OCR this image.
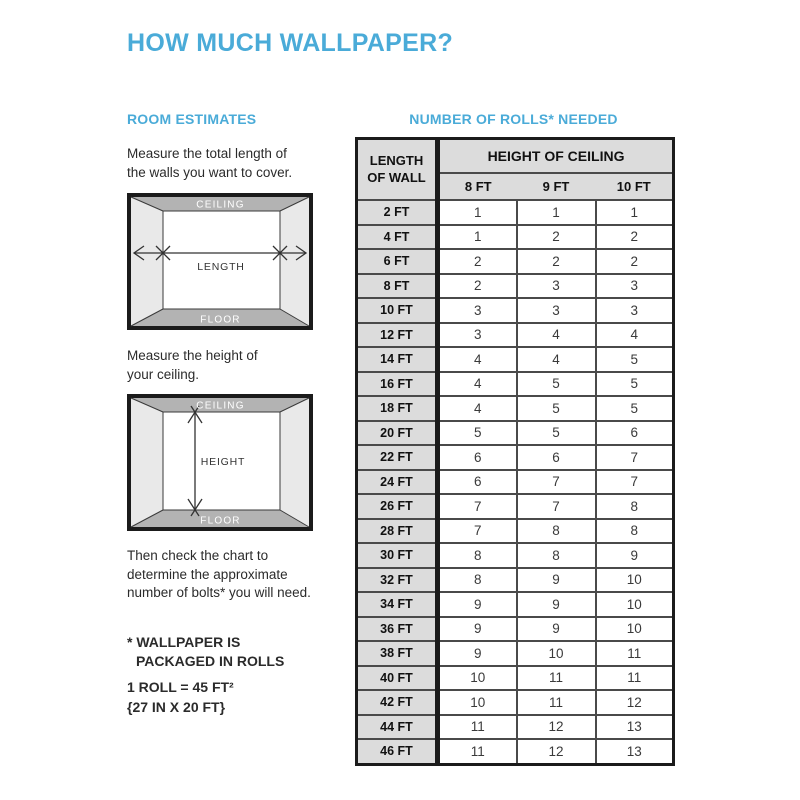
HOW MUCH WALLPAPER?
ROOM ESTIMATES

Measure the total length of
the walls you want to cover.

CEILING
FLOOR
LENGTH

Measure the height of
your ceiling.

CEILING
FLOOR
HEIGHT

Then check the chart to
determine the approximate
number of bolts* you will need.

* WALLPAPER IS
PACKAGED IN ROLLS

1 ROLL = 45 FT²
{27 IN X 20 FT}

NUMBER OF ROLLS* NEEDED
LENGTH
OF WALL	HEIGHT OF CEILING		
	8 FT	9 FT	10 FT
2 FT	1	1	1
4 FT	1	2	2
6 FT	2	2	2
8 FT	2	3	3
10 FT	3	3	3
12 FT	3	4	4
14 FT	4	4	5
16 FT	4	5	5
18 FT	4	5	5
20 FT	5	5	6
22 FT	6	6	7
24 FT	6	7	7
26 FT	7	7	8
28 FT	7	8	8
30 FT	8	8	9
32 FT	8	9	10
34 FT	9	9	10
36 FT	9	9	10
38 FT	9	10	11
40 FT	10	11	11
42 FT	10	11	12
44 FT	11	12	13
46 FT	11	12	13
